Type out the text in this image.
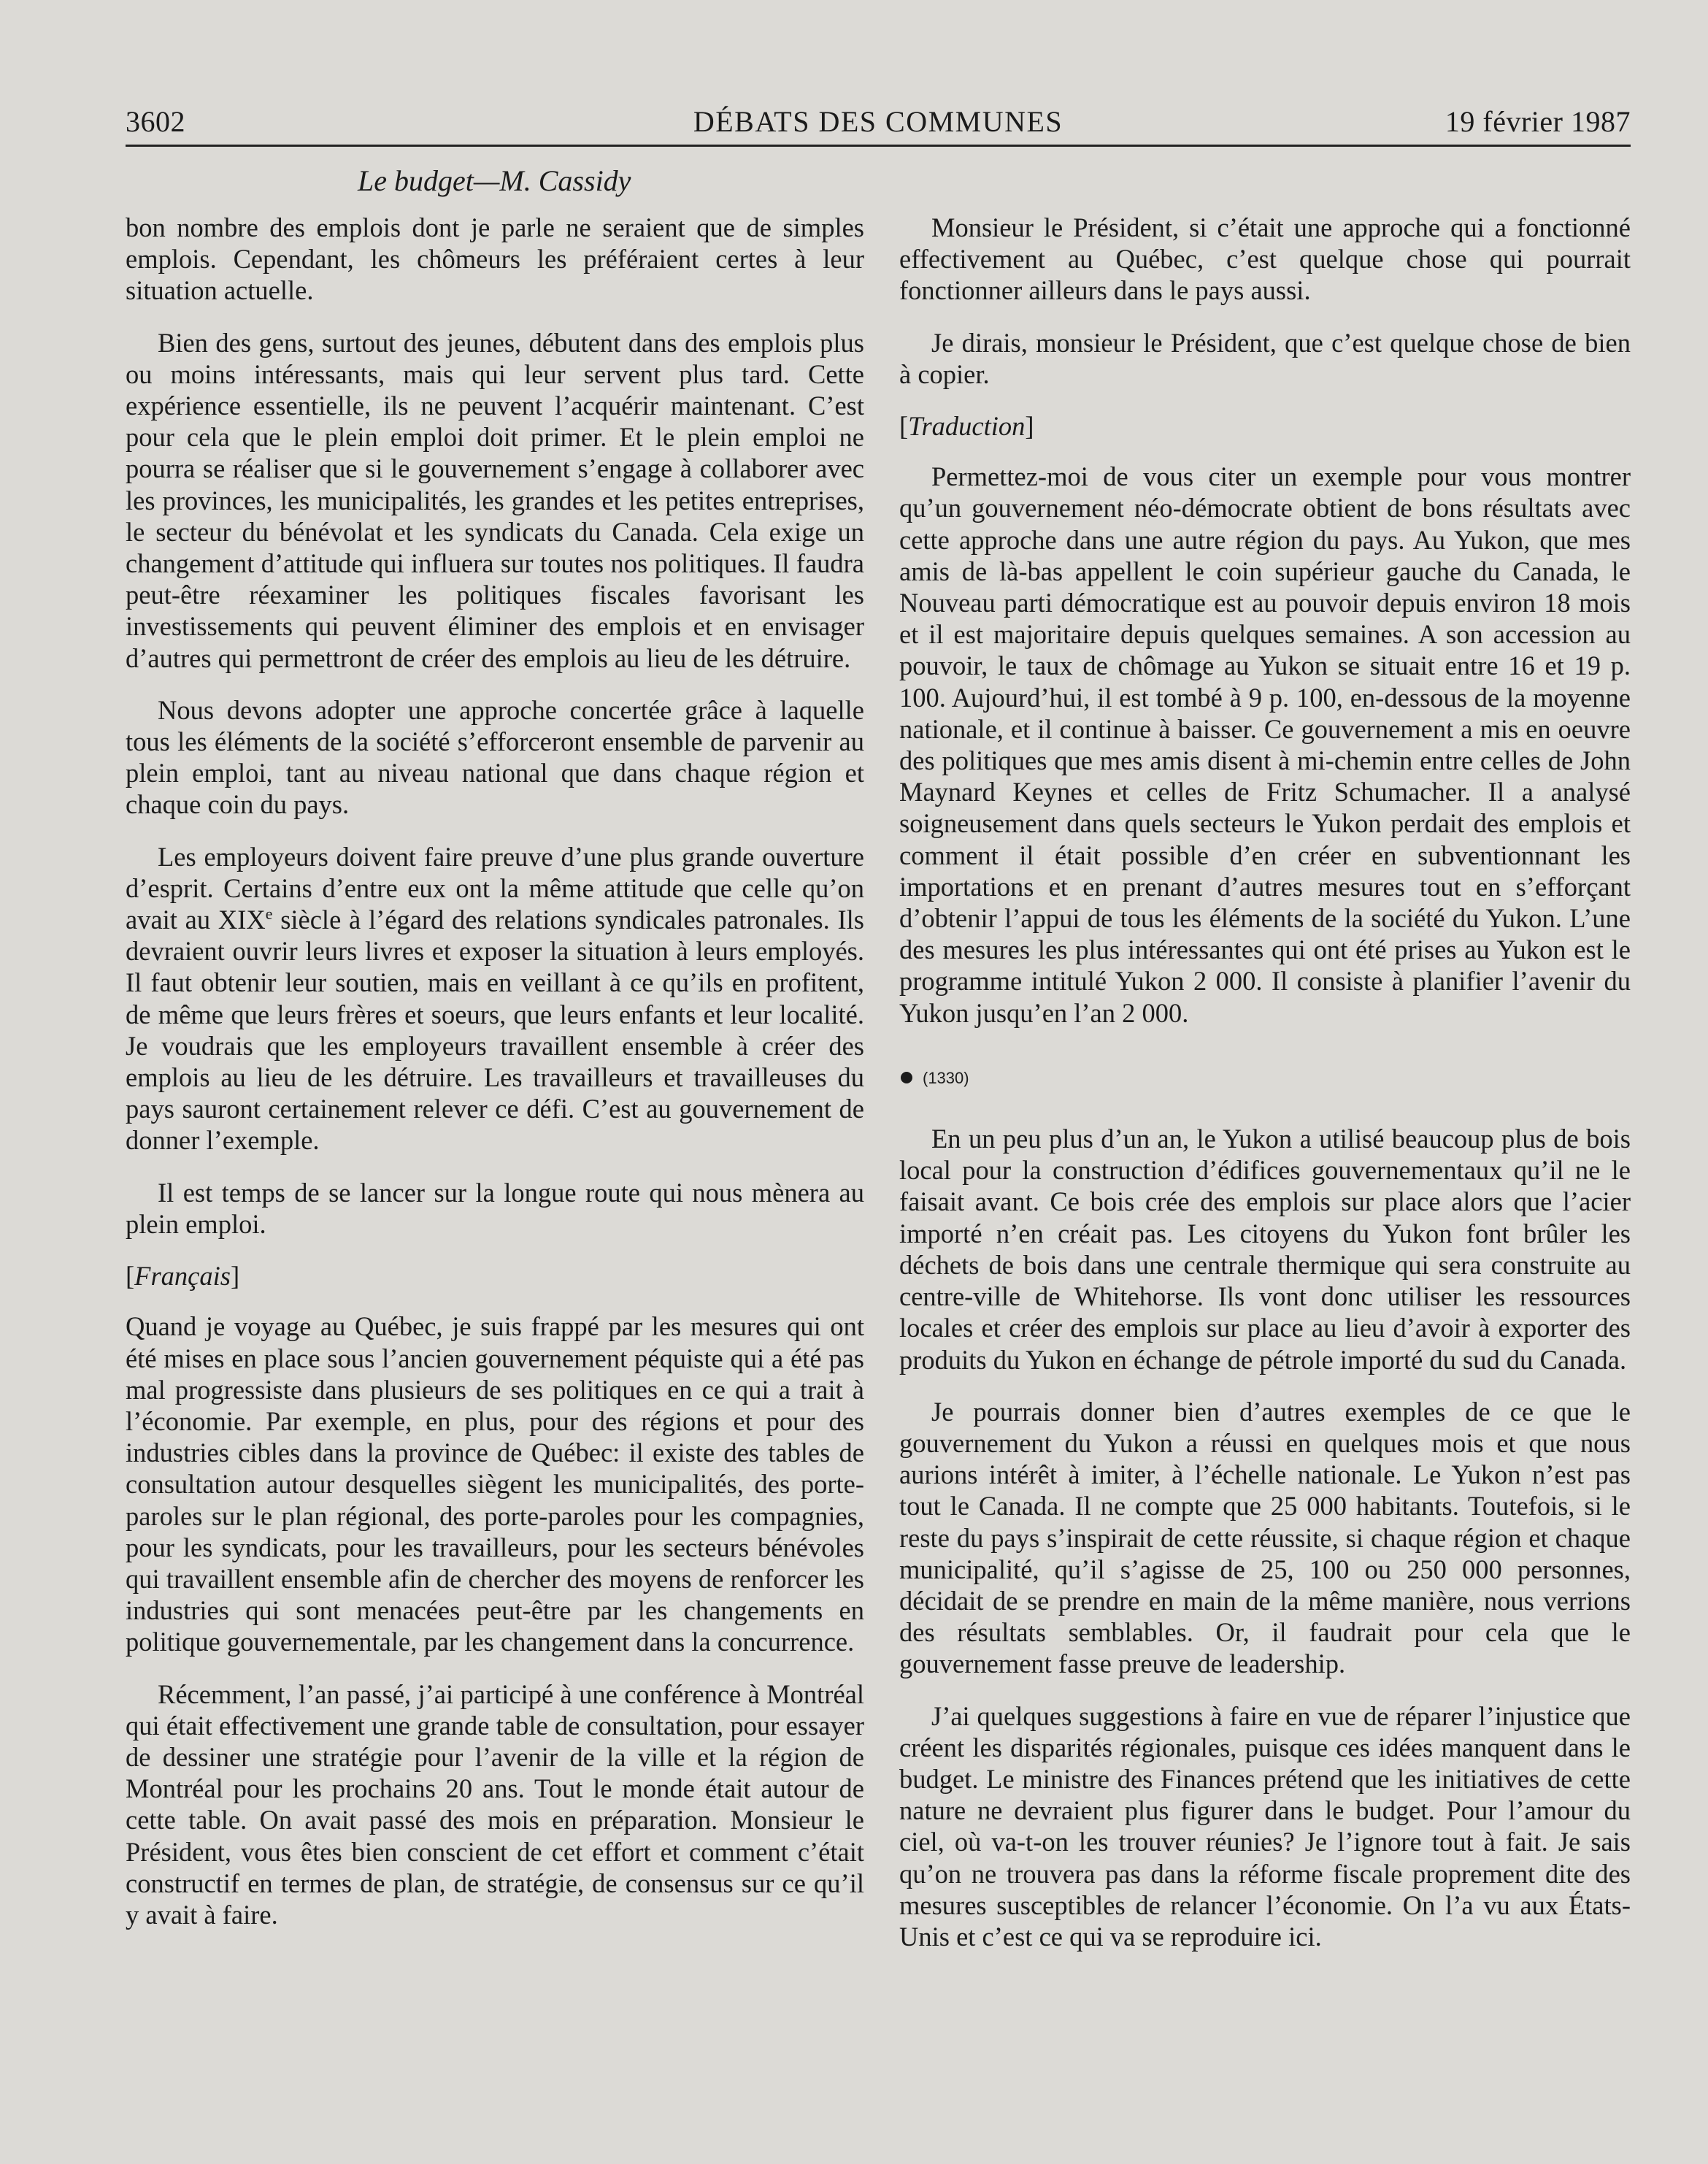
3602	DÉBATS DES COMMUNES	19 février 1987
Le budget—M. Cassidy

bon nombre des emplois dont je parle ne seraient que de simples emplois. Cependant, les chômeurs les préféraient certes à leur situation actuelle.

Bien des gens, surtout des jeunes, débutent dans des emplois plus ou moins intéressants, mais qui leur servent plus tard. Cette expérience essentielle, ils ne peuvent l’acquérir maintenant. C’est pour cela que le plein emploi doit primer. Et le plein emploi ne pourra se réaliser que si le gouvernement s’engage à collaborer avec les provinces, les municipalités, les grandes et les petites entreprises, le secteur du bénévolat et les syndicats du Canada. Cela exige un changement d’attitude qui influera sur toutes nos politiques. Il faudra peut-être réexaminer les politiques fiscales favorisant les investissements qui peuvent éliminer des emplois et en envisager d’autres qui permettront de créer des emplois au lieu de les détruire.

Nous devons adopter une approche concertée grâce à laquelle tous les éléments de la société s’efforceront ensemble de parvenir au plein emploi, tant au niveau national que dans chaque région et chaque coin du pays.

Les employeurs doivent faire preuve d’une plus grande ouverture d’esprit. Certains d’entre eux ont la même attitude que celle qu’on avait au XIXe siècle à l’égard des relations syndicales patronales. Ils devraient ouvrir leurs livres et exposer la situation à leurs employés. Il faut obtenir leur soutien, mais en veillant à ce qu’ils en profitent, de même que leurs frères et soeurs, que leurs enfants et leur localité. Je voudrais que les employeurs travaillent ensemble à créer des emplois au lieu de les détruire. Les travailleurs et travailleuses du pays sauront certainement relever ce défi. C’est au gouvernement de donner l’exemple.

Il est temps de se lancer sur la longue route qui nous mènera au plein emploi.

[Français]

Quand je voyage au Québec, je suis frappé par les mesures qui ont été mises en place sous l’ancien gouvernement péquiste qui a été pas mal progressiste dans plusieurs de ses politiques en ce qui a trait à l’économie. Par exemple, en plus, pour des régions et pour des industries cibles dans la province de Québec: il existe des tables de consultation autour desquelles siègent les municipalités, des porte-paroles sur le plan régional, des porte-paroles pour les compagnies, pour les syndicats, pour les travailleurs, pour les secteurs bénévoles qui travaillent ensemble afin de chercher des moyens de renforcer les industries qui sont menacées peut-être par les changements en politique gouvernementale, par les changement dans la concurrence.

Récemment, l’an passé, j’ai participé à une conférence à Montréal qui était effectivement une grande table de consultation, pour essayer de dessiner une stratégie pour l’avenir de la ville et la région de Montréal pour les prochains 20 ans. Tout le monde était autour de cette table. On avait passé des mois en préparation. Monsieur le Président, vous êtes bien conscient de cet effort et comment c’était constructif en termes de plan, de stratégie, de consensus sur ce qu’il y avait à faire.

Monsieur le Président, si c’était une approche qui a fonctionné effectivement au Québec, c’est quelque chose qui pourrait fonctionner ailleurs dans le pays aussi.

Je dirais, monsieur le Président, que c’est quelque chose de bien à copier.

[Traduction]

Permettez-moi de vous citer un exemple pour vous montrer qu’un gouvernement néo-démocrate obtient de bons résultats avec cette approche dans une autre région du pays. Au Yukon, que mes amis de là-bas appellent le coin supérieur gauche du Canada, le Nouveau parti démocratique est au pouvoir depuis environ 18 mois et il est majoritaire depuis quelques semaines. A son accession au pouvoir, le taux de chômage au Yukon se situait entre 16 et 19 p. 100. Aujourd’hui, il est tombé à 9 p. 100, en-dessous de la moyenne nationale, et il continue à baisser. Ce gouvernement a mis en oeuvre des politiques que mes amis disent à mi-chemin entre celles de John Maynard Keynes et celles de Fritz Schumacher. Il a analysé soigneusement dans quels secteurs le Yukon perdait des emplois et comment il était possible d’en créer en subventionnant les importations et en prenant d’autres mesures tout en s’efforçant d’obtenir l’appui de tous les éléments de la société du Yukon. L’une des mesures les plus intéressantes qui ont été prises au Yukon est le programme intitulé Yukon 2 000. Il consiste à planifier l’avenir du Yukon jusqu’en l’an 2 000.

(1330)

En un peu plus d’un an, le Yukon a utilisé beaucoup plus de bois local pour la construction d’édifices gouvernementaux qu’il ne le faisait avant. Ce bois crée des emplois sur place alors que l’acier importé n’en créait pas. Les citoyens du Yukon font brûler les déchets de bois dans une centrale thermique qui sera construite au centre-ville de Whitehorse. Ils vont donc utiliser les ressources locales et créer des emplois sur place au lieu d’avoir à exporter des produits du Yukon en échange de pétrole importé du sud du Canada.

Je pourrais donner bien d’autres exemples de ce que le gouvernement du Yukon a réussi en quelques mois et que nous aurions intérêt à imiter, à l’échelle nationale. Le Yukon n’est pas tout le Canada. Il ne compte que 25 000 habitants. Toutefois, si le reste du pays s’inspirait de cette réussite, si chaque région et chaque municipalité, qu’il s’agisse de 25, 100 ou 250 000 personnes, décidait de se prendre en main de la même manière, nous verrions des résultats semblables. Or, il faudrait pour cela que le gouvernement fasse preuve de leadership.

J’ai quelques suggestions à faire en vue de réparer l’injustice que créent les disparités régionales, puisque ces idées manquent dans le budget. Le ministre des Finances prétend que les initiatives de cette nature ne devraient plus figurer dans le budget. Pour l’amour du ciel, où va-t-on les trouver réunies? Je l’ignore tout à fait. Je sais qu’on ne trouvera pas dans la réforme fiscale proprement dite des mesures susceptibles de relancer l’économie. On l’a vu aux États-Unis et c’est ce qui va se reproduire ici.
